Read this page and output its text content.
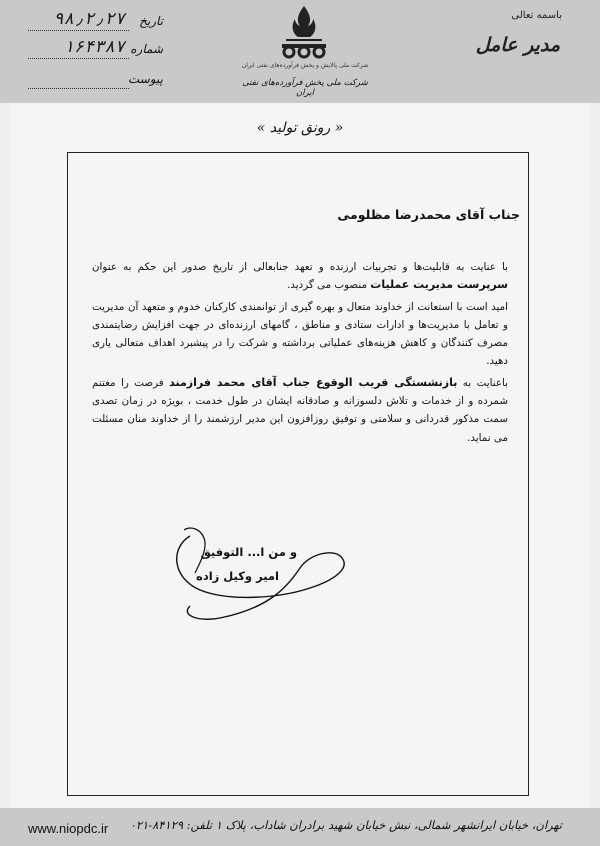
تاریخ
۹۸٫۲٫۲۷
شماره
۱۶۴۳۸۷
پیوست
شرکت ملی پالایش و پخش فرآورده‌های نفتی ایران
شرکت ملی پخش فرآورده‌های نفتی ایران
باسمه تعالی
مدیر عامل
« رونق تولید »
جناب آقای محمدرضا مظلومی

با عنایت به قابلیت‌ها و تجربیات ارزنده و تعهد جنابعالی از تاریخ صدور این حکم به عنوان سرپرست مدیریت عملیات منصوب می گردید.

امید است با استعانت از خداوند متعال و بهره گیری از توانمندی کارکنان خدوم و متعهد آن مدیریت و تعامل با مدیریت‌ها و ادارات ستادی و مناطق ، گامهای ارزنده‌ای در جهت افزایش رضایتمندی مصرف کنندگان و کاهش هزینه‌های عملیاتی برداشته و شرکت را در پیشبرد اهداف متعالی یاری دهید.

باعنایت به بازنشستگی قریب الوقوع جناب آقای محمد فرازمند فرصت را مغتنم شمرده و از خدمات و تلاش دلسوزانه و صادقانه ایشان در طول خدمت ، بویژه در زمان تصدی سمت مذکور قدردانی و سلامتی و توفیق روزافزون این مدیر ارزشمند را از خداوند منان مسئلت می نماید.

و من ا... التوفیق
امیر وکیل زاده
تهران، خیابان ایرانشهر شمالی، نبش خیابان شهید برادران شاداب، پلاک ۱ تلفن: ۸۴۱۲۹-۰۲۱
www.niopdc.ir
